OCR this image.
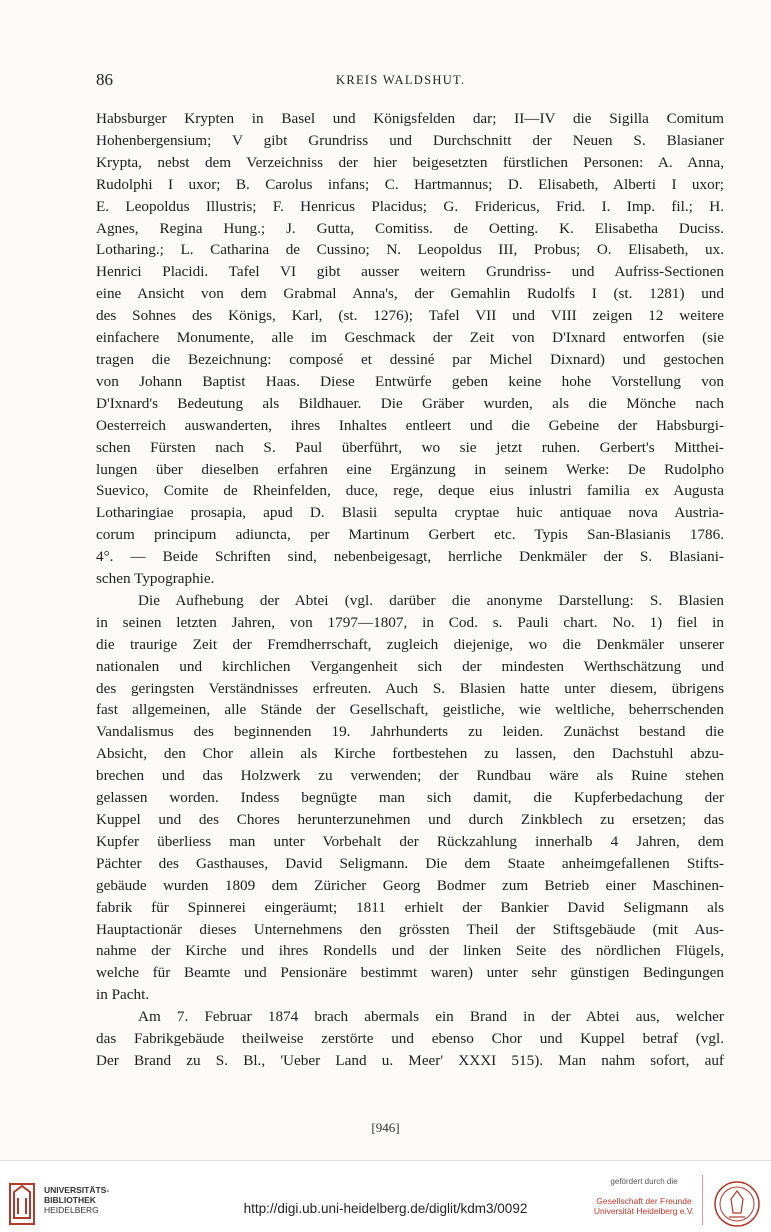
86	KREIS WALDSHUT.
Habsburger Krypten in Basel und Königsfelden dar; II—IV die Sigilla Comitum
Hohenbergensium; V gibt Grundriss und Durchschnitt der Neuen S. Blasianer
Krypta, nebst dem Verzeichniss der hier beigesetzten fürstlichen Personen: A. Anna,
Rudolphi I uxor; B. Carolus infans; C. Hartmannus; D. Elisabeth, Alberti I uxor;
E. Leopoldus Illustris; F. Henricus Placidus; G. Fridericus, Frid. I. Imp. fil.; H.
Agnes, Regina Hung.; J. Gutta, Comitiss. de Oetting. K. Elisabetha Duciss.
Lotharing.; L. Catharina de Cussino; N. Leopoldus III, Probus; O. Elisabeth, ux.
Henrici Placidi. Tafel VI gibt ausser weitern Grundriss- und Aufriss-Sectionen
eine Ansicht von dem Grabmal Anna's, der Gemahlin Rudolfs I (st. 1281) und
des Sohnes des Königs, Karl, (st. 1276); Tafel VII und VIII zeigen 12 weitere
einfachere Monumente, alle im Geschmack der Zeit von D'Ixnard entworfen (sie
tragen die Bezeichnung: composé et dessiné par Michel Dixnard) und gestochen
von Johann Baptist Haas. Diese Entwürfe geben keine hohe Vorstellung von
D'Ixnard's Bedeutung als Bildhauer. Die Gräber wurden, als die Mönche nach
Oesterreich auswanderten, ihres Inhaltes entleert und die Gebeine der Habsburgi-
schen Fürsten nach S. Paul überführt, wo sie jetzt ruhen. Gerbert's Mitthei-
lungen über dieselben erfahren eine Ergänzung in seinem Werke: De Rudolpho
Suevico, Comite de Rheinfelden, duce, rege, deque eius inlustri familia ex Augusta
Lotharingiae prosapia, apud D. Blasii sepulta cryptae huic antiquae nova Austria-
corum principum adiuncta, per Martinum Gerbert etc. Typis San-Blasianis 1786.
4°. — Beide Schriften sind, nebenbeigesagt, herrliche Denkmäler der S. Blasiani-
schen Typographie.
Die Aufhebung der Abtei (vgl. darüber die anonyme Darstellung: S. Blasien
in seinen letzten Jahren, von 1797—1807, in Cod. s. Pauli chart. No. 1) fiel in
die traurige Zeit der Fremdherrschaft, zugleich diejenige, wo die Denkmäler unserer
nationalen und kirchlichen Vergangenheit sich der mindesten Werthschätzung und
des geringsten Verständnisses erfreuten. Auch S. Blasien hatte unter diesem, übrigens
fast allgemeinen, alle Stände der Gesellschaft, geistliche, wie weltliche, beherrschenden
Vandalismus des beginnenden 19. Jahrhunderts zu leiden. Zunächst bestand die
Absicht, den Chor allein als Kirche fortbestehen zu lassen, den Dachstuhl abzu-
brechen und das Holzwerk zu verwenden; der Rundbau wäre als Ruine stehen
gelassen worden. Indess begnügte man sich damit, die Kupferbedachung der
Kuppel und des Chores herunterzunehmen und durch Zinkblech zu ersetzen; das
Kupfer überliess man unter Vorbehalt der Rückzahlung innerhalb 4 Jahren, dem
Pächter des Gasthauses, David Seligmann. Die dem Staate anheimgefallenen Stifts-
gebäude wurden 1809 dem Züricher Georg Bodmer zum Betrieb einer Maschinen-
fabrik für Spinnerei eingeräumt; 1811 erhielt der Bankier David Seligmann als
Hauptactionär dieses Unternehmens den grössten Theil der Stiftsgebäude (mit Aus-
nahme der Kirche und ihres Rondells und der linken Seite des nördlichen Flügels,
welche für Beamte und Pensionäre bestimmt waren) unter sehr günstigen Bedingungen
in Pacht.
Am 7. Februar 1874 brach abermals ein Brand in der Abtei aus, welcher
das Fabrikgebäude theilweise zerstörte und ebenso Chor und Kuppel betraf (vgl.
Der Brand zu S. Bl., 'Ueber Land u. Meer' XXXI 515). Man nahm sofort, auf
[946]
UNIVERSITÄTS-
BIBLIOTHEK
HEIDELBERG	http://digi.ub.uni-heidelberg.de/diglit/kdm3/0092
gefördert durch die
Gesellschaft der Freunde
Universität Heidelberg e.V.
